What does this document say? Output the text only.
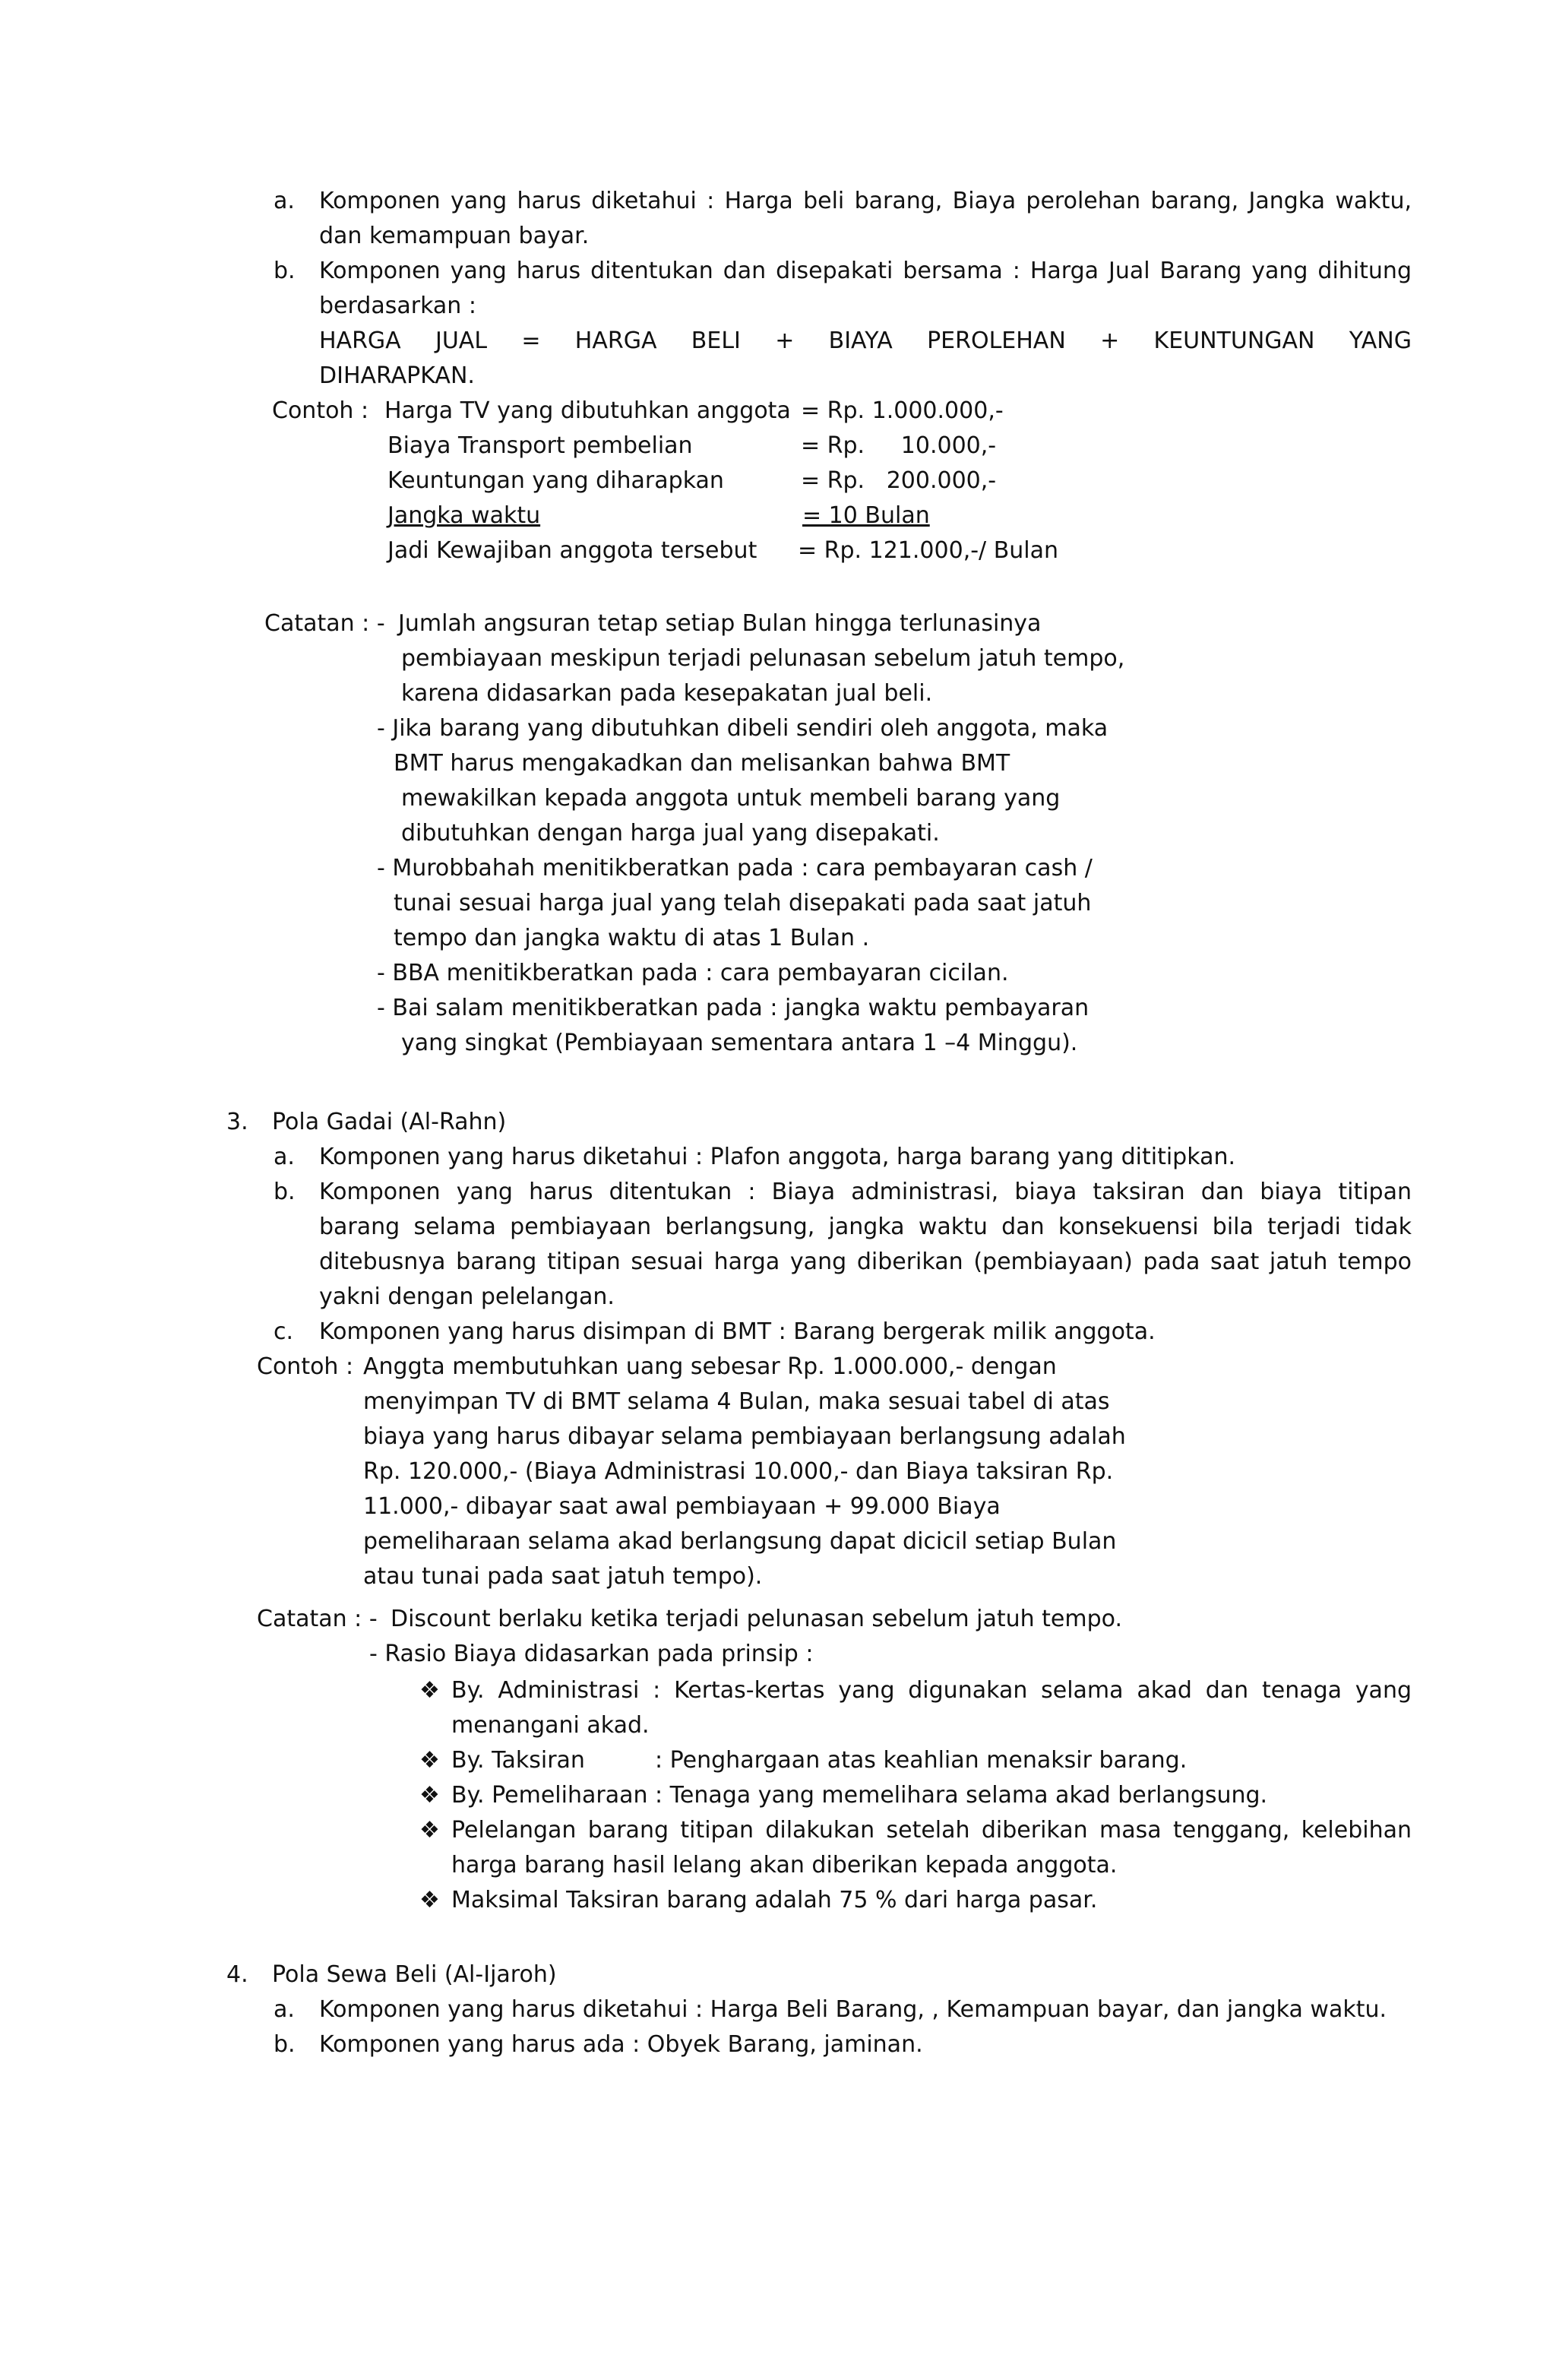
a. Komponen yang harus diketahui : Harga beli barang, Biaya perolehan barang, Jangka waktu,
dan kemampuan bayar.
b. Komponen yang harus ditentukan dan disepakati bersama : Harga Jual Barang yang dihitung
berdasarkan :
HARGA JUAL = HARGA BELI + BIAYA PEROLEHAN + KEUNTUNGAN YANG
DIHARAPKAN.
Contoh : Harga TV yang dibutuhkan anggota = Rp. 1.000.000,-
Biaya Transport pembelian	= Rp.     10.000,-
Keuntungan yang diharapkan	= Rp.   200.000,-
Jangka waktu	= 10 Bulan
Jadi Kewajiban anggota tersebut = Rp. 121.000,-/ Bulan
Catatan : - Jumlah angsuran tetap setiap Bulan hingga terlunasinya
pembiayaan meskipun terjadi pelunasan sebelum jatuh tempo,
karena didasarkan pada kesepakatan jual beli.
- Jika barang yang dibutuhkan dibeli sendiri oleh anggota, maka
BMT harus mengakadkan dan melisankan bahwa BMT
mewakilkan kepada anggota untuk membeli barang yang
dibutuhkan dengan harga jual yang disepakati.
- Murobbahah menitikberatkan pada : cara pembayaran cash /
tunai sesuai harga jual yang telah disepakati pada saat jatuh
tempo dan jangka waktu di atas 1 Bulan .
- BBA menitikberatkan pada : cara pembayaran cicilan.
- Bai salam menitikberatkan pada : jangka waktu pembayaran
yang singkat (Pembiayaan sementara antara 1 –4 Minggu).
3. Pola Gadai (Al-Rahn)
a. Komponen yang harus diketahui : Plafon anggota, harga barang yang dititipkan.
b. Komponen yang harus ditentukan : Biaya administrasi, biaya taksiran dan biaya titipan
barang selama pembiayaan berlangsung, jangka waktu dan konsekuensi bila terjadi tidak
ditebusnya barang titipan sesuai harga yang diberikan (pembiayaan) pada saat jatuh tempo
yakni dengan pelelangan.
c. Komponen yang harus disimpan di BMT : Barang bergerak milik anggota.
Contoh : Anggta membutuhkan uang sebesar Rp. 1.000.000,- dengan
menyimpan TV di BMT selama 4 Bulan, maka sesuai tabel di atas
biaya yang harus dibayar selama pembiayaan berlangsung adalah
Rp. 120.000,- (Biaya Administrasi 10.000,- dan Biaya taksiran Rp.
11.000,- dibayar saat awal pembiayaan + 99.000 Biaya
pemeliharaan selama akad berlangsung dapat dicicil setiap Bulan
atau tunai pada saat jatuh tempo).
Catatan : - Discount berlaku ketika terjadi pelunasan sebelum jatuh tempo.
- Rasio Biaya didasarkan pada prinsip :
❖ By. Administrasi : Kertas-kertas yang digunakan selama akad dan tenaga yang
menangani akad.
❖ By. Taksiran	: Penghargaan atas keahlian menaksir barang.
❖ By. Pemeliharaan : Tenaga yang memelihara selama akad berlangsung.
❖ Pelelangan barang titipan dilakukan setelah diberikan masa tenggang, kelebihan
harga barang hasil lelang akan diberikan kepada anggota.
❖ Maksimal Taksiran barang adalah 75 % dari harga pasar.
4. Pola Sewa Beli (Al-Ijaroh)
a. Komponen yang harus diketahui : Harga Beli Barang, , Kemampuan bayar, dan jangka waktu.
b. Komponen yang harus ada : Obyek Barang, jaminan.
